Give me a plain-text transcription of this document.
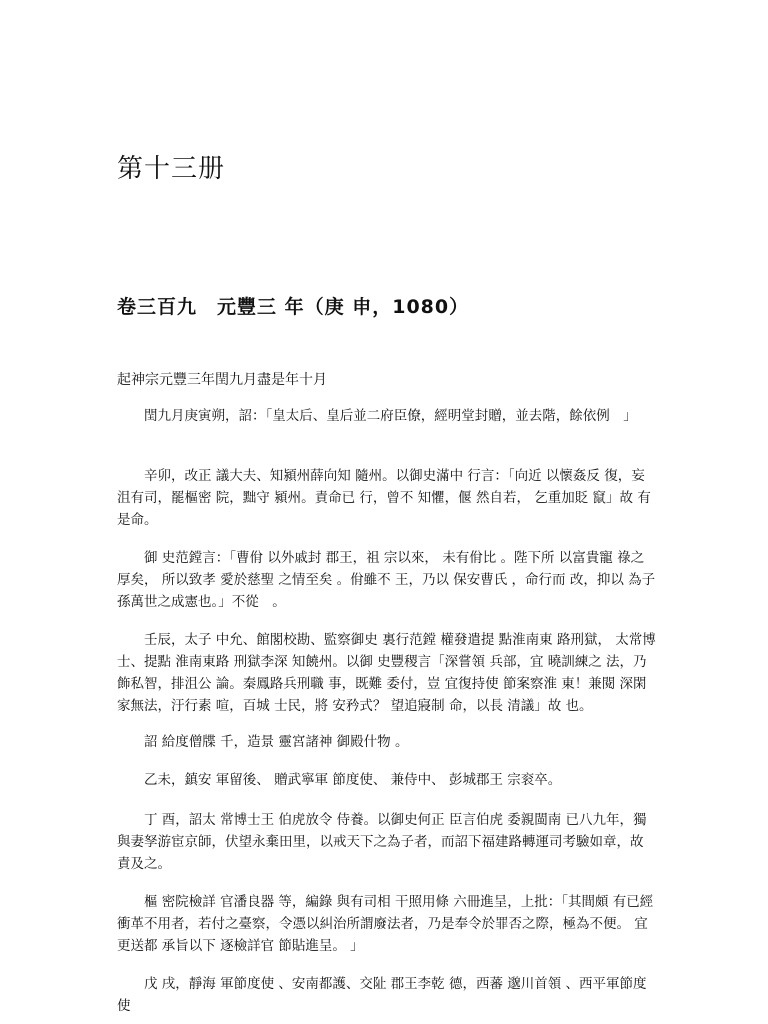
第十三册
卷三百九　元豐三 年（庚 申，1080）

起神宗元豐三年閏九月盡是年十月

閏九月庚寅朔，詔：「皇太后、皇后並二府臣僚，經明堂封贈，並去階，餘依例　」

辛卯，改正 議大夫、知潁州薛向知 隨州。以御史滿中 行言：「向近 以懷姦反 復，妄沮有司，罷樞密 院，黜守 潁州。責命已 行，曾不 知懼，偃 然自若， 乞重加貶 竄」故 有是命。

御 史范鏜言：「曹佾 以外戚封 郡王，祖 宗以來， 未有佾比 。陛下所 以富貴寵 祿之厚矣， 所以致孝 愛於慈聖 之情至矣 。佾雖不 王，乃以 保安曹氏 ，命行而 改，抑以 為子孫萬世之成憲也。」不從　。

壬辰，太子 中允、館閣校勘、監察御史 裏行范鏜 權發遣提 點淮南東 路刑獄， 太常博士、提點 淮南東路 刑獄李深 知饒州。以御 史豐稷言「深嘗領 兵部，宜 曉訓練之 法，乃飾私智，排沮公 論。秦鳳路兵刑職 事，既難 委付，豈 宜復持使 節案察淮 東！兼閱 深閑家無法，汙行素 喧，百城 士民，將 安矜式？ 望追寢制 命，以長 清議」故 也。

詔 給度僧牒 千，造景 靈宮諸神 御殿什物 。

乙未，鎮安 軍留後、 贈武寧軍 節度使、 兼侍中、 彭城郡王 宗衮卒。

丁 酉，詔太 常博士王 伯虎放令 侍養。以御史何正 臣言伯虎 委親閩南 已八九年，獨與妻孥游宦京師，伏望永棄田里，以戒天下之為子者，而詔下福建路轉運司考驗如章，故 責及之。

樞 密院檢詳 官潘良器 等，編錄 與有司相 干照用條 六冊進呈，上批：「其間頗 有已經衝革不用者，若付之臺察，令憑以糾治所謂廢法者，乃是奉令於罪否之際，極為不便。 宜更送都 承旨以下 逐檢詳官 節貼進呈。 」

戊 戌，靜海 軍節度使 、安南都護、交阯 郡王李乾 德，西蕃 邈川首領 、西平軍節度 使
